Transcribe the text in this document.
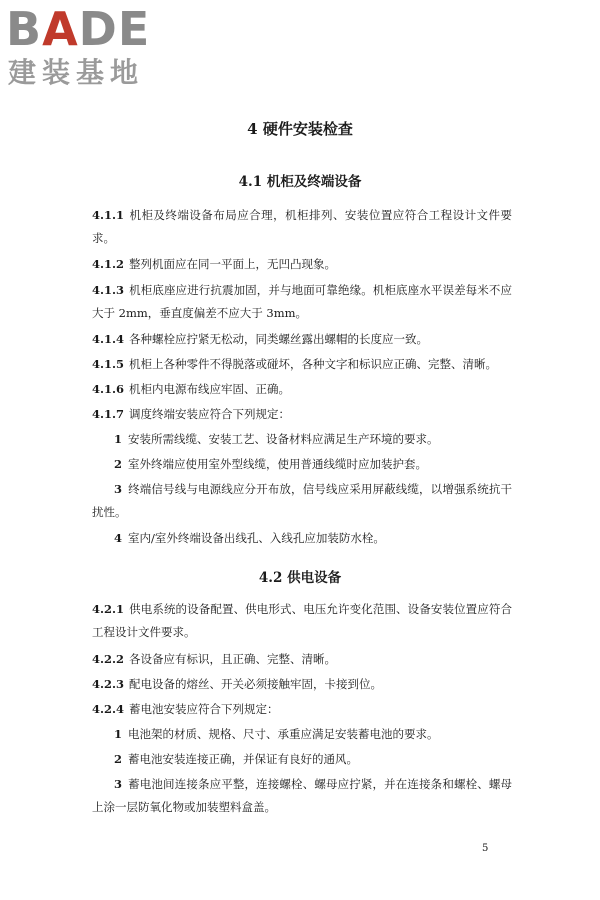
BADE
建装基地
4 硬件安装检查
4.1 机柜及终端设备

4.1.1 机柜及终端设备布局应合理，机柜排列、安装位置应符合工程设计文件要求。

4.1.2 整列机面应在同一平面上，无凹凸现象。

4.1.3 机柜底座应进行抗震加固，并与地面可靠绝缘。机柜底座水平误差每米不应大于 2mm，垂直度偏差不应大于 3mm。

4.1.4 各种螺栓应拧紧无松动，同类螺丝露出螺帽的长度应一致。

4.1.5 机柜上各种零件不得脱落或碰坏，各种文字和标识应正确、完整、清晰。

4.1.6 机柜内电源布线应牢固、正确。

4.1.7 调度终端安装应符合下列规定：

1 安装所需线缆、安装工艺、设备材料应满足生产环境的要求。

2 室外终端应使用室外型线缆，使用普通线缆时应加装护套。

3 终端信号线与电源线应分开布放，信号线应采用屏蔽线缆，以增强系统抗干扰性。

4 室内/室外终端设备出线孔、入线孔应加装防水栓。

4.2 供电设备

4.2.1 供电系统的设备配置、供电形式、电压允许变化范围、设备安装位置应符合工程设计文件要求。

4.2.2 各设备应有标识，且正确、完整、清晰。

4.2.3 配电设备的熔丝、开关必须接触牢固，卡接到位。

4.2.4 蓄电池安装应符合下列规定：

1 电池架的材质、规格、尺寸、承重应满足安装蓄电池的要求。

2 蓄电池安装连接正确，并保证有良好的通风。

3 蓄电池间连接条应平整，连接螺栓、螺母应拧紧，并在连接条和螺栓、螺母上涂一层防氧化物或加装塑料盒盖。

5
